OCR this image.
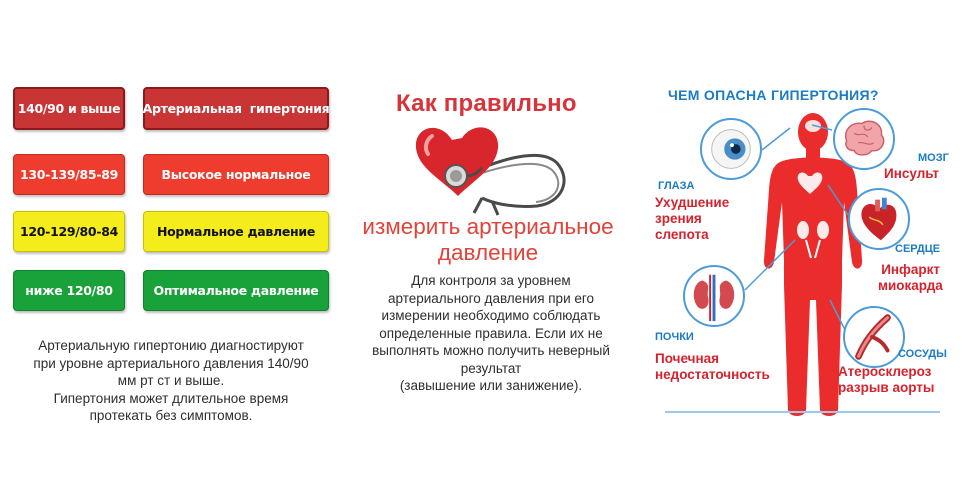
140/90 и выше Артериальная  гипертония
130-139/85-89	Высокое нормальное
120-129/80-84	Нормальное давление
ниже 120/80	Оптимальное давление
Артериальную гипертонию диагностируют
при уровне артериального давления 140/90
мм рт ст и выше.
Гипертония может длительное время
протекать без симптомов.
Как правильно
измерить артериальное
давление
Для контроля за уровнем
артериального давления при его
измерении необходимо соблюдать
определенные правила. Если их не
выполнять можно получить неверный
результат
(завышение или занижение).
ЧЕМ ОПАСНА ГИПЕРТОНИЯ?
ГЛАЗА
Ухудшение
зрения
слепота
МОЗГ
Инсульт
СЕРДЦЕ
Инфаркт
миокарда
ПОЧКИ
Почечная
недостаточность
СОСУДЫ
Атеросклероз
разрыв аорты
